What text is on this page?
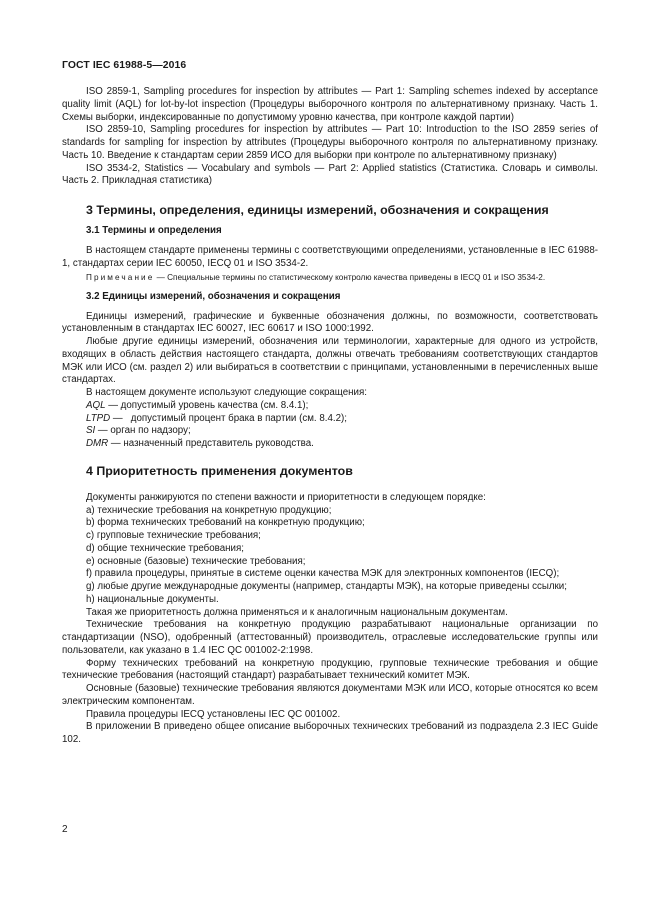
ГОСТ IEC 61988-5—2016

ISO 2859-1, Sampling procedures for inspection by attributes — Part 1: Sampling schemes indexed by acceptance quality limit (AQL) for lot-by-lot inspection (Процедуры выборочного контроля по альтернативному признаку. Часть 1. Схемы выборки, индексированные по допустимому уровню качества, при контроле каждой партии)

ISO 2859-10, Sampling procedures for inspection by attributes — Part 10: Introduction to the ISO 2859 series of standards for sampling for inspection by attributes (Процедуры выборочного контроля по альтернативному признаку. Часть 10. Введение к стандартам серии 2859 ИСО для выборки при контроле по альтернативному признаку)

ISO 3534-2, Statistics — Vocabulary and symbols — Part 2: Applied statistics (Статистика. Словарь и символы. Часть 2. Прикладная статистика)

3 Термины, определения, единицы измерений, обозначения и сокращения
3.1 Термины и определения

В настоящем стандарте применены термины с соответствующими определениями, установленные в IEC 61988-1, стандартах серии IEC 60050, IECQ 01 и ISO 3534-2.

Примечание — Специальные термины по статистическому контролю качества приведены в IECQ 01 и ISO 3534-2.

3.2 Единицы измерений, обозначения и сокращения

Единицы измерений, графические и буквенные обозначения должны, по возможности, соответствовать установленным в стандартах IEC 60027, IEC 60617 и ISO 1000:1992.

Любые другие единицы измерений, обозначения или терминологии, характерные для одного из устройств, входящих в область действия настоящего стандарта, должны отвечать требованиям соответствующих стандартов МЭК или ИСО (см. раздел 2) или выбираться в соответствии с принципами, установленными в перечисленных выше стандартах.

В настоящем документе используют следующие сокращения:

AQL — допустимый уровень качества (см. 8.4.1);

LTPD —   допустимый процент брака в партии (см. 8.4.2);

SI — орган по надзору;

DMR — назначенный представитель руководства.

4 Приоритетность применения документов

Документы ранжируются по степени важности и приоритетности в следующем порядке:

a) технические требования на конкретную продукцию;

b) форма технических требований на конкретную продукцию;

c) групповые технические требования;

d) общие технические требования;

e) основные (базовые) технические требования;

f) правила процедуры, принятые в системе оценки качества МЭК для электронных компонентов (IECQ);

g) любые другие международные документы (например, стандарты МЭК), на которые приведены ссылки;

h) национальные документы.

Такая же приоритетность должна применяться и к аналогичным национальным документам.

Технические требования на конкретную продукцию разрабатывают национальные организации по стандартизации (NSO), одобренный (аттестованный) производитель, отраслевые исследовательские группы или пользователи, как указано в 1.4 IEC QC 001002-2:1998.

Форму технических требований на конкретную продукцию, групповые технические требования и общие технические требования (настоящий стандарт) разрабатывает технический комитет МЭК.

Основные (базовые) технические требования являются документами МЭК или ИСО, которые относятся ко всем электрическим компонентам.

Правила процедуры IECQ установлены IEC QC 001002.

В приложении В приведено общее описание выборочных технических требований из подраздела 2.3 IEC Guide 102.

2
